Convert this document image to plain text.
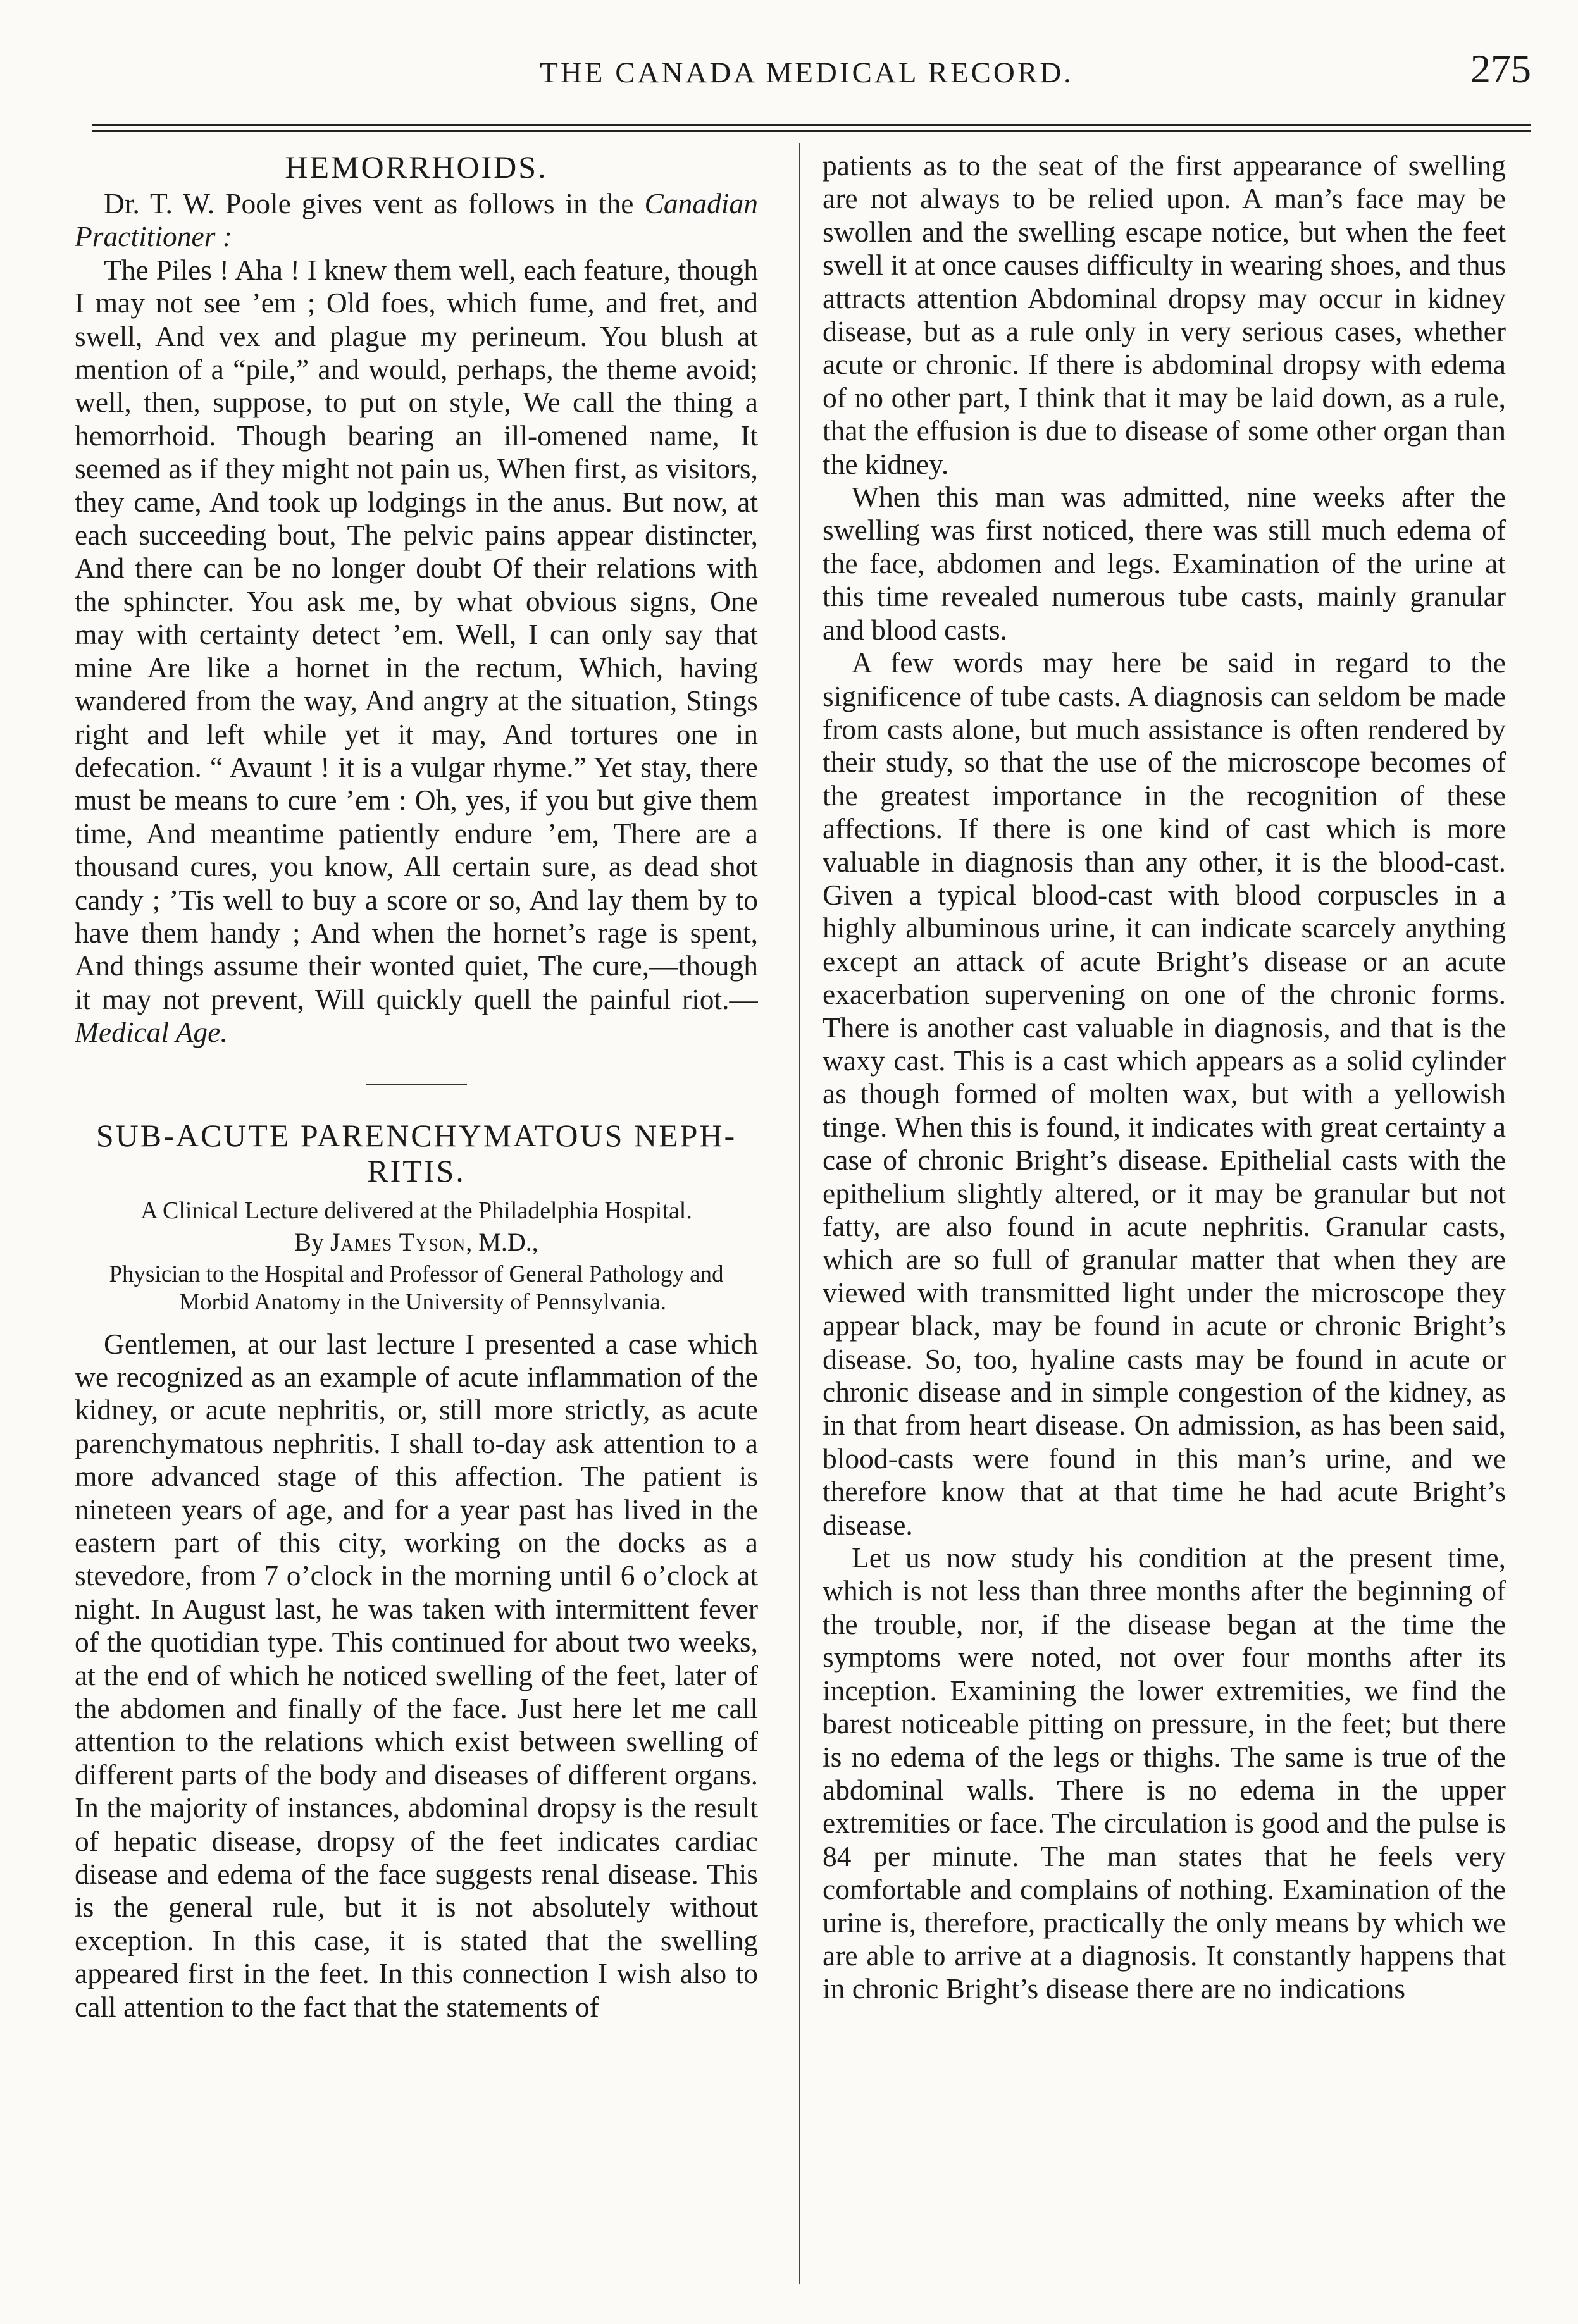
THE CANADA MEDICAL RECORD.	275
HEMORRHOIDS.

Dr. T. W. Poole gives vent as follows in the Canadian Practitioner :

The Piles ! Aha ! I knew them well, each feature, though I may not see ’em ; Old foes, which fume, and fret, and swell, And vex and plague my perineum. You blush at mention of a “pile,” and would, perhaps, the theme avoid; well, then, suppose, to put on style, We call the thing a hemorrhoid. Though bearing an ill-omened name, It seemed as if they might not pain us, When first, as visitors, they came, And took up lodgings in the anus. But now, at each succeeding bout, The pelvic pains appear distincter, And there can be no longer doubt Of their relations with the sphincter. You ask me, by what obvious signs, One may with certainty detect ’em. Well, I can only say that mine Are like a hornet in the rectum, Which, having wandered from the way, And angry at the situation, Stings right and left while yet it may, And tortures one in defecation. “ Avaunt ! it is a vulgar rhyme.” Yet stay, there must be means to cure ’em : Oh, yes, if you but give them time, And meantime patiently endure ’em, There are a thousand cures, you know, All certain sure, as dead shot candy ; ’Tis well to buy a score or so, And lay them by to have them handy ; And when the hornet’s rage is spent, And things assume their wonted quiet, The cure,—though it may not prevent, Will quickly quell the painful riot.— Medical Age.

SUB-ACUTE PARENCHYMATOUS NEPH-
RITIS.

A Clinical Lecture delivered at the Philadelphia Hospital.

By James Tyson, M.D.,

Physician to the Hospital and Professor of General Pathology and Morbid Anatomy in the University of Pennsylvania.

Gentlemen, at our last lecture I presented a case which we recognized as an example of acute inflammation of the kidney, or acute nephritis, or, still more strictly, as acute parenchymatous nephritis. I shall to-day ask attention to a more advanced stage of this affection. The patient is nineteen years of age, and for a year past has lived in the eastern part of this city, working on the docks as a stevedore, from 7 o’clock in the morning until 6 o’clock at night. In August last, he was taken with intermittent fever of the quotidian type. This continued for about two weeks, at the end of which he noticed swelling of the feet, later of the abdomen and finally of the face. Just here let me call attention to the relations which exist between swelling of different parts of the body and diseases of different organs. In the majority of instances, abdominal dropsy is the result of hepatic disease, dropsy of the feet indicates cardiac disease and edema of the face suggests renal disease. This is the general rule, but it is not absolutely without exception. In this case, it is stated that the swelling appeared first in the feet. In this connection I wish also to call attention to the fact that the statements of

patients as to the seat of the first appearance of swelling are not always to be relied upon. A man’s face may be swollen and the swelling escape notice, but when the feet swell it at once causes difficulty in wearing shoes, and thus attracts attention Abdominal dropsy may occur in kidney disease, but as a rule only in very serious cases, whether acute or chronic. If there is abdominal dropsy with edema of no other part, I think that it may be laid down, as a rule, that the effusion is due to disease of some other organ than the kidney.

When this man was admitted, nine weeks after the swelling was first noticed, there was still much edema of the face, abdomen and legs. Examination of the urine at this time revealed numerous tube casts, mainly granular and blood casts.

A few words may here be said in regard to the significence of tube casts. A diagnosis can seldom be made from casts alone, but much assistance is often rendered by their study, so that the use of the microscope becomes of the greatest importance in the recognition of these affections. If there is one kind of cast which is more valuable in diagnosis than any other, it is the blood-cast. Given a typical blood-cast with blood corpuscles in a highly albuminous urine, it can indicate scarcely anything except an attack of acute Bright’s disease or an acute exacerbation supervening on one of the chronic forms. There is another cast valuable in diagnosis, and that is the waxy cast. This is a cast which appears as a solid cylinder as though formed of molten wax, but with a yellowish tinge. When this is found, it indicates with great certainty a case of chronic Bright’s disease. Epithelial casts with the epithelium slightly altered, or it may be granular but not fatty, are also found in acute nephritis. Granular casts, which are so full of granular matter that when they are viewed with transmitted light under the microscope they appear black, may be found in acute or chronic Bright’s disease. So, too, hyaline casts may be found in acute or chronic disease and in simple congestion of the kidney, as in that from heart disease. On admission, as has been said, blood-casts were found in this man’s urine, and we therefore know that at that time he had acute Bright’s disease.

Let us now study his condition at the present time, which is not less than three months after the beginning of the trouble, nor, if the disease began at the time the symptoms were noted, not over four months after its inception. Examining the lower extremities, we find the barest noticeable pitting on pressure, in the feet; but there is no edema of the legs or thighs. The same is true of the abdominal walls. There is no edema in the upper extremities or face. The circulation is good and the pulse is 84 per minute. The man states that he feels very comfortable and complains of nothing. Examination of the urine is, therefore, practically the only means by which we are able to arrive at a diagnosis. It constantly happens that in chronic Bright’s disease there are no indications
